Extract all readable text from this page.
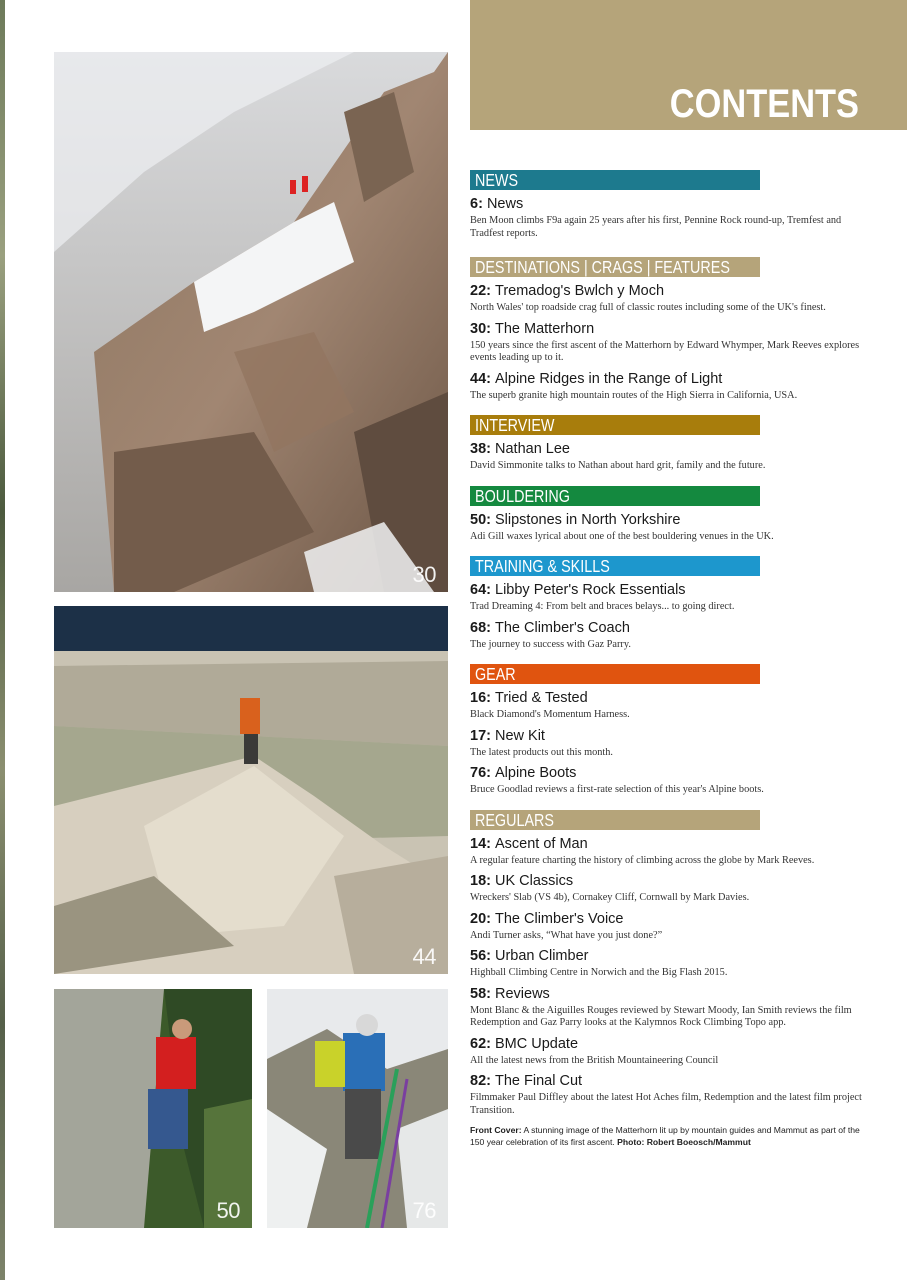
30
44
50	76
CONTENTS
NEWS
6: News
Ben Moon climbs F9a again 25 years after his first, Pennine Rock round-up, Tremfest and Tradfest reports.
DESTINATIONS | CRAGS | FEATURES
22: Tremadog's Bwlch y Moch
North Wales' top roadside crag full of classic routes including some of the UK's finest.
30: The Matterhorn
150 years since the first ascent of the Matterhorn by Edward Whymper, Mark Reeves explores events leading up to it.
44: Alpine Ridges in the Range of Light
The superb granite high mountain routes of the High Sierra in California, USA.
INTERVIEW
38: Nathan Lee
David Simmonite talks to Nathan about hard grit, family and the future.
BOULDERING
50: Slipstones in North Yorkshire
Adi Gill waxes lyrical about one of the best bouldering venues in the UK.
TRAINING & SKILLS
64: Libby Peter's Rock Essentials
Trad Dreaming 4: From belt and braces belays... to going direct.
68: The Climber's Coach
The journey to success with Gaz Parry.
GEAR
16: Tried & Tested
Black Diamond's Momentum Harness.
17: New Kit
The latest products out this month.
76: Alpine Boots
Bruce Goodlad reviews a first-rate selection of this year's Alpine boots.
REGULARS
14: Ascent of Man
A regular feature charting the history of climbing across the globe by Mark Reeves.
18: UK Classics
Wreckers' Slab (VS 4b), Cornakey Cliff, Cornwall by Mark Davies.
20: The Climber's Voice
Andi Turner asks, “What have you just done?”
56: Urban Climber
Highball Climbing Centre in Norwich and the Big Flash 2015.
58: Reviews
Mont Blanc & the Aiguilles Rouges reviewed by Stewart Moody, Ian Smith reviews the film Redemption and Gaz Parry looks at the Kalymnos Rock Climbing Topo app.
62: BMC Update
All the latest news from the British Mountaineering Council
82: The Final Cut
Filmmaker Paul Diffley about the latest Hot Aches film, Redemption and the latest film project Transition.
Front Cover: A stunning image of the Matterhorn lit up by mountain guides and Mammut as part of the 150 year celebration of its first ascent. Photo: Robert Boeosch/Mammut
